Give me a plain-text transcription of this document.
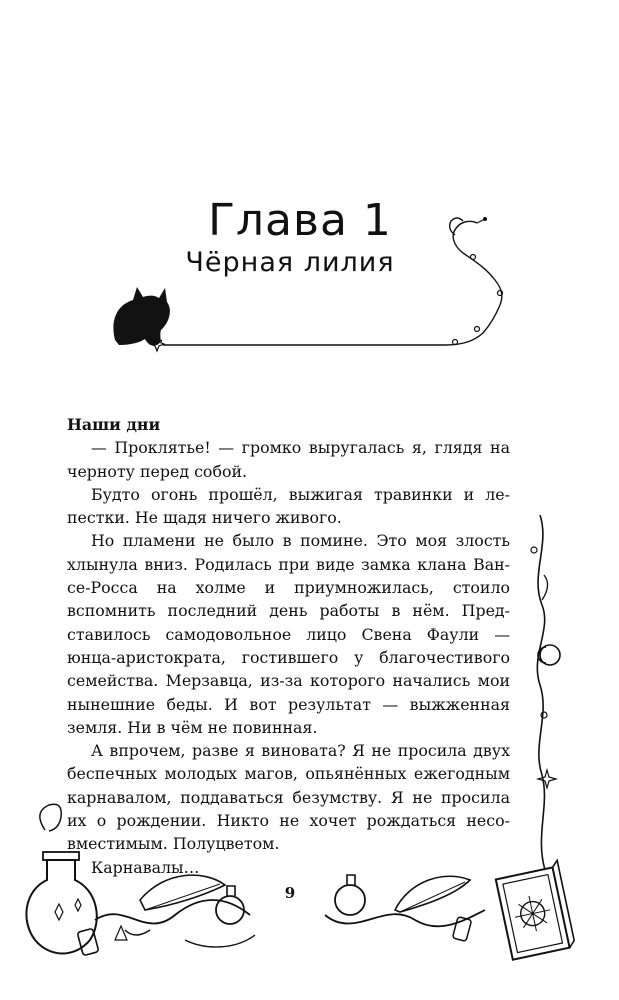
Глава 1
Чёрная лилия

Наши дни

— Проклятье! — громко выругалась я, глядя на черноту перед собой.

Будто огонь прошёл, выжигая травинки и лепестки. Не щадя ничего живого.

Но пламени не было в помине. Это моя злость хлынула вниз. Родилась при виде замка клана Ван-се-Росса на холме и приумножилась, стоило вспомнить последний день работы в нём. Представилось самодовольное лицо Свена Фаули — юнца-аристократа, гостившего у благочестивого семейства. Мерзавца, из-за которого начались мои нынешние беды. И вот результат — выжженная земля. Ни в чём не повинная.

А впрочем, разве я виновата? Я не просила двух беспечных молодых магов, опьянённых ежегодным карнавалом, поддаваться безумству. Я не просила их о рождении. Никто не хочет рождаться несовместимым. Полуцветом.

Карнавалы…

9
